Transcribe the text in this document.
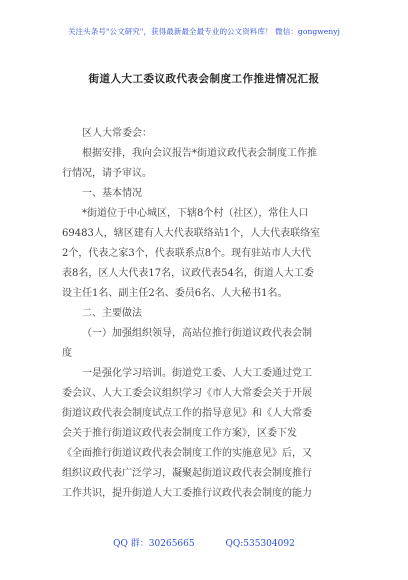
关注头条号"公文研究"，获得最新最全最专业的公文资料库！ 微信：gongwenyj
街道人大工委议政代表会制度工作推进情况汇报
区人大常委会：
根据安排，我向会议报告*街道议政代表会制度工作推
行情况，请予审议。
一、基本情况
*街道位于中心城区，下辖8个村（社区），常住人口
69483人，辖区建有人大代表联络站1个，人大代表联络室
2个，代表之家3个，代表联系点8个。现有驻站市人大代
表8名，区人大代表17名，议政代表54名，街道人大工委
设主任1名、副主任2名、委员6名、人大秘书1名。
二、主要做法
（一）加强组织领导，高站位推行街道议政代表会制
度
一是强化学习培训。街道党工委、人大工委通过党工
委会议、人大工委会议组织学习《市人大常委会关于开展
街道议政代表会制度试点工作的指导意见》和《人大常委
会关于推行街道议政代表会制度工作方案》，区委下发
《全面推行街道议政代表会制度工作的实施意见》后，又
组织议政代表广泛学习，凝聚起街道议政代表会制度推行
工作共识，提升街道人大工委推行议政代表会制度的能力
QQ 群：30265665	QQ:535304092
